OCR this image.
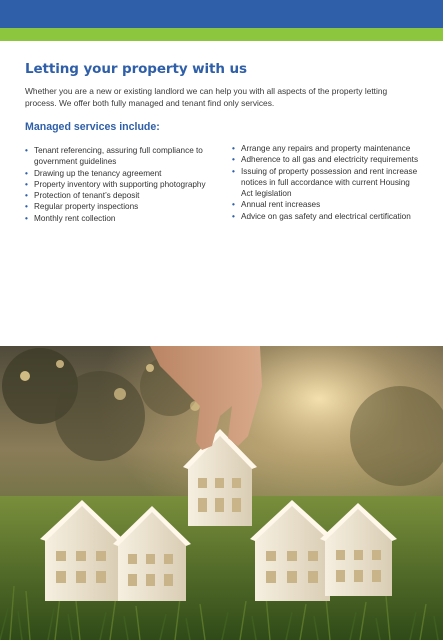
Letting your property with us

Whether you are a new or existing landlord we can help you with all aspects of the property letting process. We offer both fully managed and tenant find only services.

Managed services include:
• Tenant referencing, assuring full compliance to government guidelines
• Drawing up the tenancy agreement
• Property inventory with supporting photography
• Protection of tenant’s deposit
• Regular property inspections
• Monthly rent collection
• Arrange any repairs and property maintenance
• Adherence to all gas and electricity requirements
• Issuing of property possession and rent increase notices in full accordance with current Housing Act legislation
• Annual rent increases
• Advice on gas safety and electrical certification
